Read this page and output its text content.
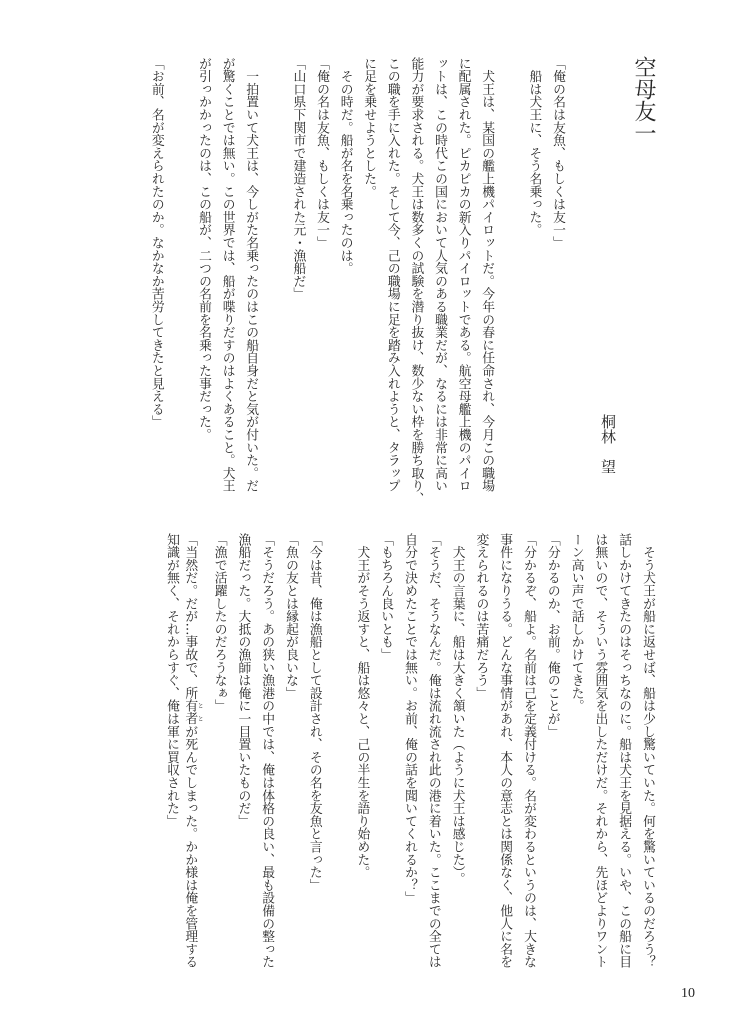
空母友一
桐林　望
「俺の名は友魚、もしくは友一」
　船は犬王に、そう名乗った。
　犬王は、某国の艦上機パイロットだ。今年の春に任命され、今月この職場
に配属された。ピカピカの新入りパイロットである。航空母艦上機のパイロ
ットは、この時代この国において人気のある職業だが、なるには非常に高い
能力が要求される。犬王は数多くの試験を潜り抜け、数少ない枠を勝ち取り、
この職を手に入れた。そして今、己の職場に足を踏み入れようと、タラップ
に足を乗せようとした。
　その時だ。船が名を名乗ったのは。
「俺の名は友魚、もしくは友一」
「山口県下関市で建造された元・漁船だ」
　一拍置いて犬王は、今しがた名乗ったのはこの船自身だと気が付いた。だ
が驚くことでは無い。この世界では、船が喋りだすのはよくあること。犬王
が引っかかったのは、この船が、二つの名前を名乗った事だった。
「お前、名が変えられたのか。なかなか苦労してきたと見える」
　そう犬王が船に返せば、船は少し驚いていた。何を驚いているのだろう？
話しかけてきたのはそっちなのに。船は犬王を見据える。いや、この船に目
は無いので、そういう雰囲気を出しただけだ。それから、先ほどよりワント
ーン高い声で話しかけてきた。
「分かるのか、お前。俺のことが」
「分かるぞ、船よ。名前は己を定義付ける。名が変わるというのは、大きな
事件になりうる。どんな事情があれ、本人の意志とは関係なく、他人に名を
変えられるのは苦痛だろう」
　犬王の言葉に、船は大きく頷いた（ように犬王は感じた）。
「そうだ、そうなんだ。俺は流れ流され此の港に着いた。ここまでの全ては
自分で決めたことでは無い。お前、俺の話を聞いてくれるか？」
「もちろん良いとも」
　犬王がそう返すと、船は悠々と、己の半生を語り始めた。
「今は昔、俺は漁船として設計され、その名を友魚と言った」
「魚の友とは縁起が良いな」
「そうだろう。あの狭い漁港の中では、俺は体格の良い、最も設備の整った
漁船だった。大抵の漁師は俺に一目置いたものだ」
「漁で活躍したのだろうなぁ」
「当然だ。だが…事故で、所有者 ととが死んでしまった。かか様は俺を管理する
知識が無く、それからすぐ、俺は軍に買収された」
10
